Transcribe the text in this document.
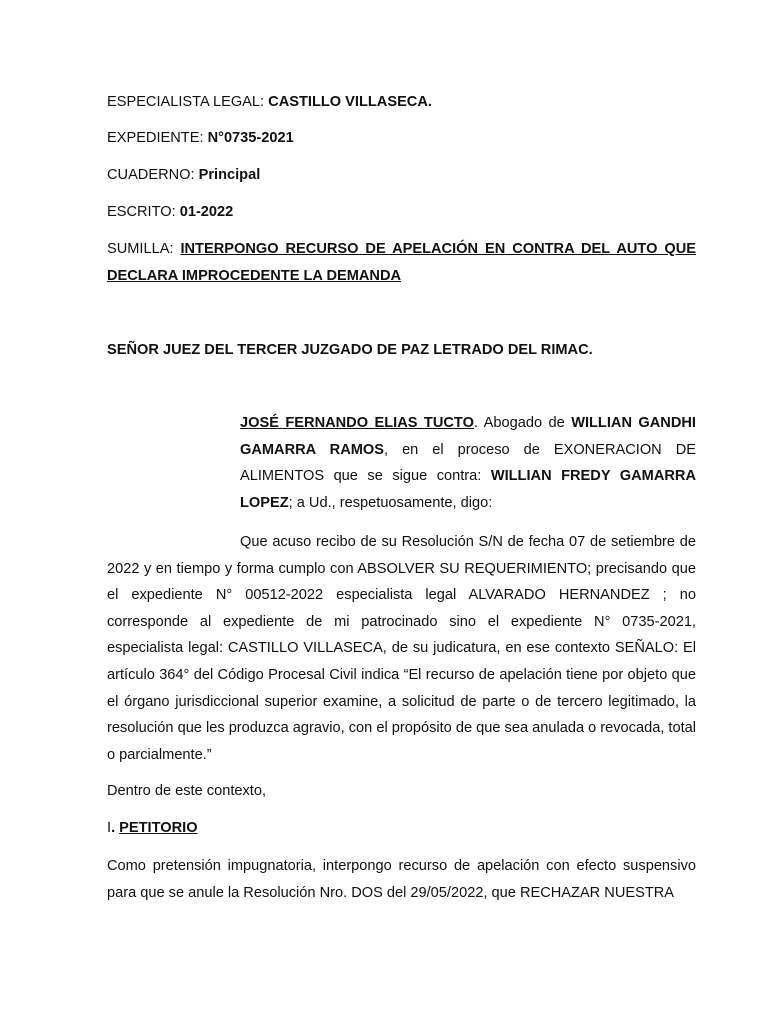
ESPECIALISTA LEGAL: CASTILLO VILLASECA.
EXPEDIENTE: N°0735-2021
CUADERNO: Principal
ESCRITO: 01-2022
SUMILLA: INTERPONGO RECURSO DE APELACIÓN EN CONTRA DEL AUTO QUE DECLARA IMPROCEDENTE LA DEMANDA
SEÑOR JUEZ DEL TERCER JUZGADO DE PAZ LETRADO DEL RIMAC.
JOSÉ FERNANDO ELIAS TUCTO. Abogado de WILLIAN GANDHI GAMARRA RAMOS, en el proceso de EXONERACION DE ALIMENTOS que se sigue contra: WILLIAN FREDY GAMARRA LOPEZ; a Ud., respetuosamente, digo:
Que acuso recibo de su Resolución S/N de fecha 07 de setiembre de 2022 y en tiempo y forma cumplo con ABSOLVER SU REQUERIMIENTO; precisando que el expediente N° 00512-2022 especialista legal ALVARADO HERNANDEZ ; no corresponde al expediente de mi patrocinado sino el expediente N° 0735-2021, especialista legal: CASTILLO VILLASECA, de su judicatura, en ese contexto SEÑALO: El artículo 364° del Código Procesal Civil indica “El recurso de apelación tiene por objeto que el órgano jurisdiccional superior examine, a solicitud de parte o de tercero legitimado, la resolución que les produzca agravio, con el propósito de que sea anulada o revocada, total o parcialmente.”
Dentro de este contexto,
I. PETITORIO
Como pretensión impugnatoria, interpongo recurso de apelación con efecto suspensivo para que se anule la Resolución Nro. DOS del 29/05/2022, que RECHAZAR NUESTRA
